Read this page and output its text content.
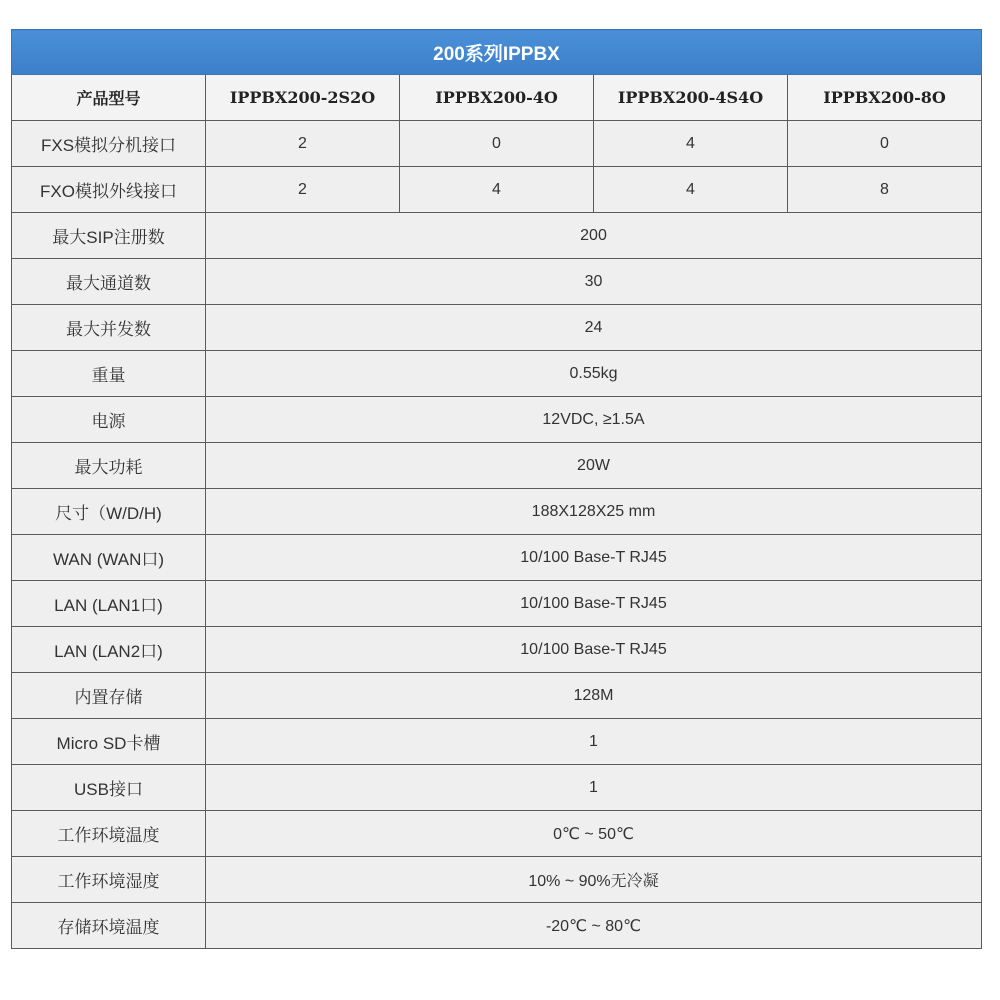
200系列IPPBX				
产品型号	IPPBX200-2S2O	IPPBX200-4O	IPPBX200-4S4O	IPPBX200-8O
FXS模拟分机接口	2	0	4	0
FXO模拟外线接口	2	4	4	8
最大SIP注册数	200			
最大通道数	30			
最大并发数	24			
重量	0.55kg			
电源	12VDC, ≥1.5A			
最大功耗	20W			
尺寸（W/D/H)	188X128X25 mm			
WAN (WAN口)	10/100 Base-T RJ45			
LAN (LAN1口)	10/100 Base-T RJ45			
LAN (LAN2口)	10/100 Base-T RJ45			
内置存储	128M			
Micro SD卡槽	1			
USB接口	1			
工作环境温度	0℃ ~ 50℃			
工作环境湿度	10% ~ 90%无冷凝			
存储环境温度	-20℃ ~ 80℃			
